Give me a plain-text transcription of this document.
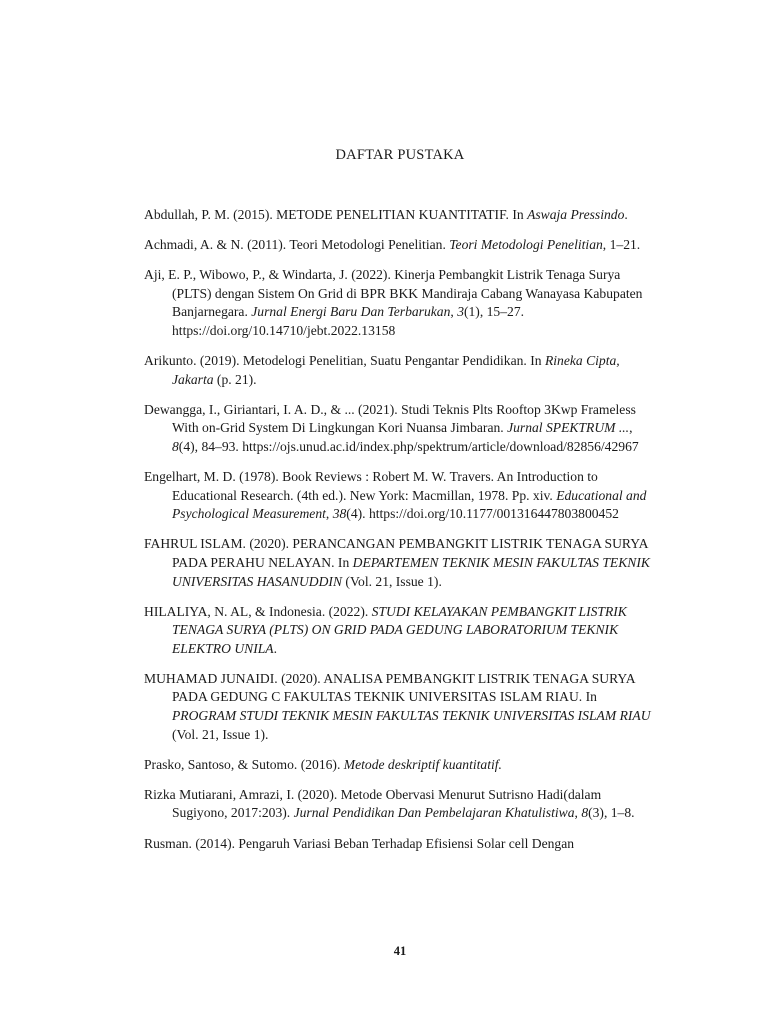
DAFTAR PUSTAKA
Abdullah, P. M. (2015). METODE PENELITIAN KUANTITATIF. In Aswaja Pressindo.
Achmadi, A. & N. (2011). Teori Metodologi Penelitian. Teori Metodologi Penelitian, 1–21.
Aji, E. P., Wibowo, P., & Windarta, J. (2022). Kinerja Pembangkit Listrik Tenaga Surya (PLTS) dengan Sistem On Grid di BPR BKK Mandiraja Cabang Wanayasa Kabupaten Banjarnegara. Jurnal Energi Baru Dan Terbarukan, 3(1), 15–27. https://doi.org/10.14710/jebt.2022.13158
Arikunto. (2019). Metodelogi Penelitian, Suatu Pengantar Pendidikan. In Rineka Cipta, Jakarta (p. 21).
Dewangga, I., Giriantari, I. A. D., & ... (2021). Studi Teknis Plts Rooftop 3Kwp Frameless With on-Grid System Di Lingkungan Kori Nuansa Jimbaran. Jurnal SPEKTRUM ..., 8(4), 84–93. https://ojs.unud.ac.id/index.php/spektrum/article/download/82856/42967
Engelhart, M. D. (1978). Book Reviews : Robert M. W. Travers. An Introduction to Educational Research. (4th ed.). New York: Macmillan, 1978. Pp. xiv. Educational and Psychological Measurement, 38(4). https://doi.org/10.1177/001316447803800452
FAHRUL ISLAM. (2020). PERANCANGAN PEMBANGKIT LISTRIK TENAGA SURYA PADA PERAHU NELAYAN. In DEPARTEMEN TEKNIK MESIN FAKULTAS TEKNIK UNIVERSITAS HASANUDDIN (Vol. 21, Issue 1).
HILALIYA, N. AL, & Indonesia. (2022). STUDI KELAYAKAN PEMBANGKIT LISTRIK TENAGA SURYA (PLTS) ON GRID PADA GEDUNG LABORATORIUM TEKNIK ELEKTRO UNILA.
MUHAMAD JUNAIDI. (2020). ANALISA PEMBANGKIT LISTRIK TENAGA SURYA PADA GEDUNG C FAKULTAS TEKNIK UNIVERSITAS ISLAM RIAU. In PROGRAM STUDI TEKNIK MESIN FAKULTAS TEKNIK UNIVERSITAS ISLAM RIAU (Vol. 21, Issue 1).
Prasko, Santoso, & Sutomo. (2016). Metode deskriptif kuantitatif.
Rizka Mutiarani, Amrazi, I. (2020). Metode Obervasi Menurut Sutrisno Hadi(dalam Sugiyono, 2017:203). Jurnal Pendidikan Dan Pembelajaran Khatulistiwa, 8(3), 1–8.
Rusman. (2014). Pengaruh Variasi Beban Terhadap Efisiensi Solar cell Dengan
41
